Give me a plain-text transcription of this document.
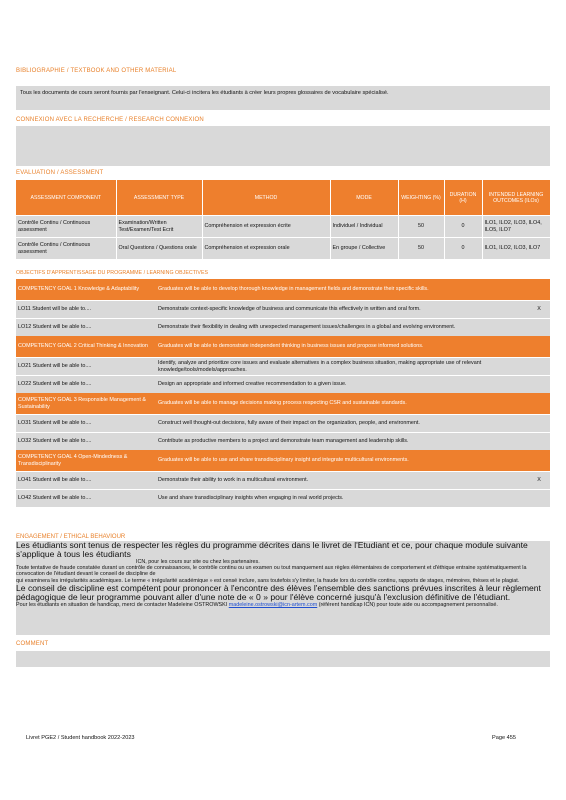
BIBLIOGRAPHIE / TEXTBOOK AND OTHER MATERIAL
Tous les documents de cours seront fournis par l'enseignant. Celui-ci incitera les étudiants à créer leurs propres glossaires de vocabulaire spécialisé.
CONNEXION AVEC LA RECHERCHE / RESEARCH CONNEXION
EVALUATION / ASSESSMENT
ASSESSMENT COMPONENT	ASSESSMENT TYPE	METHOD	MODE	WEIGHTING (%)	DURATION (H)	INTENDED LEARNING OUTCOMES (ILOs)
Contrôle Continu / Continuous assessment	Examination/Written Test/Examen/Test Ecrit	Compréhension et expression écrite	Individuel / Individual	50	0	ILO1, ILO2, ILO3, ILO4, ILO5, ILO7
Contrôle Continu / Continuous assessment	Oral Questions / Questions orale	Compréhension et expression orale	En groupe / Collective	50	0	ILO1, ILO2, ILO3, ILO7
OBJECTIFS D'APPRENTISSAGE DU PROGRAMME / LEARNING OBJECTIVES
COMPETENCY GOAL 1 Knowledge & Adaptability	Graduates will be able to develop thorough knowledge in management fields and demonstrate their specific skills.	
LO11 Student will be able to....	Demonstrate context-specific knowledge of business and communicate this effectively in written and oral form.	X
LO12 Student will be able to....	Demonstrate their flexibility in dealing with unexpected management issues/challenges in a global and evolving environment.	
COMPETENCY GOAL 2 Critical Thinking & Innovation	Graduates will be able to demonstrate independent thinking in business issues and propose informed solutions.	
LO21 Student will be able to....	Identify, analyze and prioritize core issues and evaluate alternatives in a complex business situation, making appropriate use of relevant knowledge/tools/models/approaches.	
LO22 Student will be able to....	Design an appropriate and informed creative recommendation to a given issue.	
COMPETENCY GOAL 3 Responsible Management & Sustainability	Graduates will be able to manage decisions making process respecting CSR and sustainable standards.	
LO31 Student will be able to....	Construct well thought-out decisions, fully aware of their impact on the organization, people, and environment.	
LO32 Student will be able to....	Contribute as productive members to a project and demonstrate team management and leadership skills.	
COMPETENCY GOAL 4 Open-Mindedness & Transdisciplinarity	Graduates will be able to use and share transdisciplinary insight and integrate multicultural environments.	
LO41 Student will be able to....	Demonstrate their ability to work in a multicultural environment.	X
LO42 Student will be able to....	Use and share transdisciplinary insights when engaging in real world projects.	
ENGAGEMENT / ETHICAL BEHAVIOUR

Les étudiants sont tenus de respecter les règles du programme décrites dans le livret de l'Etudiant et ce, pour chaque module suivante s'applique à tous les étudiants

ICN, pour les cours sur site ou chez les partenaires.

Toute tentative de fraude constatée durant un contrôle de connaissances, le contrôle continu ou un examen ou tout manquement aux règles élémentaires de comportement et d'éthique entraine systématiquement la convocation de l'étudiant devant le conseil de discipline de

qui examinera les irrégularités académiques. Le terme « irrégularité académique » est censé inclure, sans toutefois s'y limiter, la fraude lors du contrôle continu, rapports de stages, mémoires, thèses et le plagiat.

Le conseil de discipline est compétent pour prononcer à l'encontre des élèves l'ensemble des sanctions prévues inscrites à leur règlement pédagogique de leur programme pouvant aller d'une note de « 0 » pour l'élève concerné jusqu'à l'exclusion définitive de l'étudiant.

Pour les étudiants en situation de handicap, merci de contacter Madeleine OSTROWSKI madeleine.ostrowski@icn-artem.com (référent handicap ICN) pour toute aide ou accompagnement personnalisé.

COMMENT
Livret PGE2 / Student handbook 2022-2023	Page 455
